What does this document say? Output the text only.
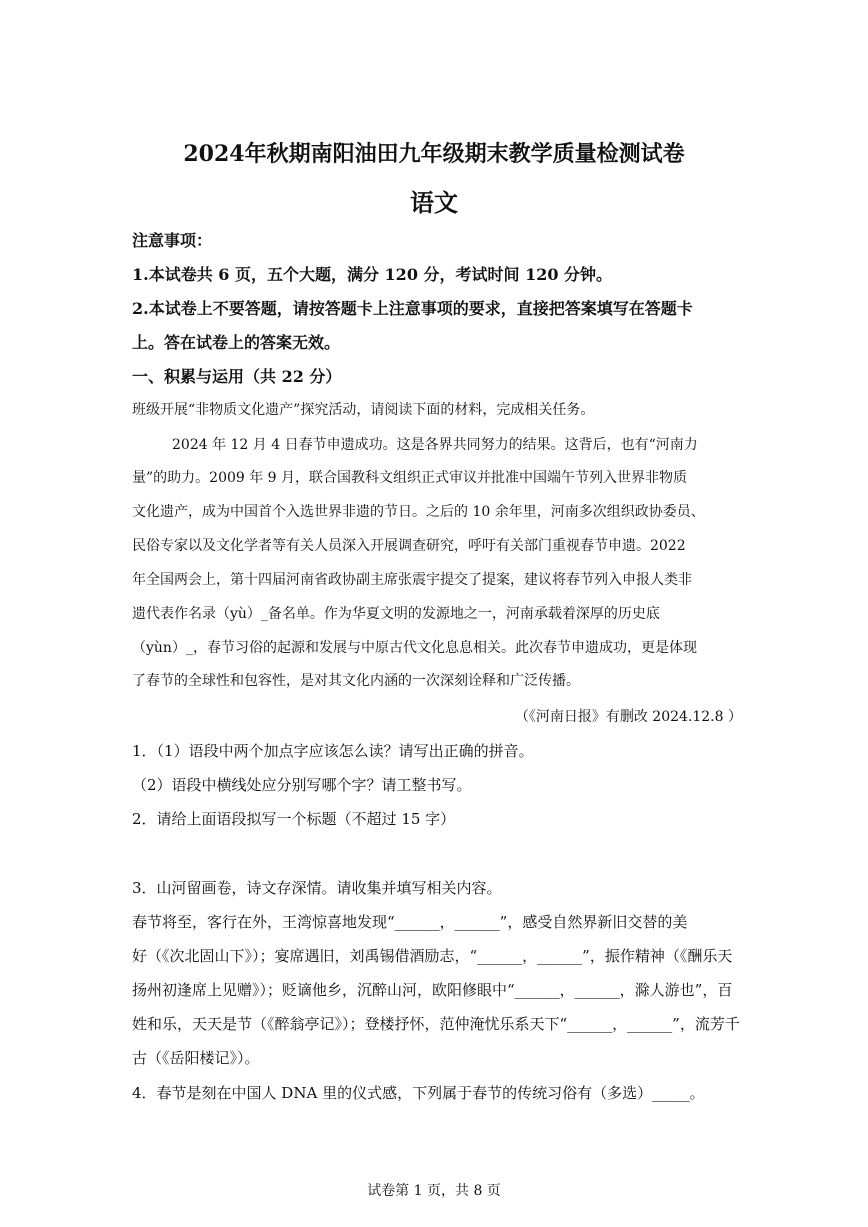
2024年秋期南阳油田九年级期末教学质量检测试卷
语文
注意事项：
1.本试卷共 6 页，五个大题，满分 120 分，考试时间 120 分钟。
2.本试卷上不要答题，请按答题卡上注意事项的要求，直接把答案填写在答题卡
上。答在试卷上的答案无效。
一、积累与运用（共 22 分）
班级开展“非物质文化遗产”探究活动，请阅读下面的材料，完成相关任务。
2024 年 12 月 4 日春节申遗成功。这是各界共同努力的结果。这背后，也有“河南力
量”的助力。2009 年 9 月，联合国教科文组织正式审议并批准中国端午节列入世界非物质
文化遗产，成为中国首个入选世界非遗的节日。之后的 10 余年里，河南多次组织政协委员、
民俗专家以及文化学者等有关人员深入开展调查研究，呼吁有关部门重视春节申遗。2022
年全国两会上，第十四届河南省政协副主席张震宇提交了提案，建议将春节列入申报人类非
遗代表作名录（yù）_备名单。作为华夏文明的发源地之一，河南承载着深厚的历史底
（yùn）_，春节习俗的起源和发展与中原古代文化息息相关。此次春节申遗成功，更是体现
了春节的全球性和包容性，是对其文化内涵的一次深刻诠释和广泛传播。
（《河南日报》有删改 2024.12.8 ）
1．（1）语段中两个加点字应该怎么读？请写出正确的拼音。
（2）语段中横线处应分别写哪个字？请工整书写。
2．请给上面语段拟写一个标题（不超过 15 字）
3．山河留画卷，诗文存深情。请收集并填写相关内容。
春节将至，客行在外，王湾惊喜地发现“______，______”，感受自然界新旧交替的美
好（《次北固山下》）；宴席遇旧，刘禹锡借酒励志，“______，______”，振作精神（《酬乐天
扬州初逢席上见赠》）；贬谪他乡，沉醉山河，欧阳修眼中“______，______，滁人游也”，百
姓和乐，天天是节（《醉翁亭记》）；登楼抒怀，范仲淹忧乐系天下“______，______”，流芳千
古（《岳阳楼记》）。
4．春节是刻在中国人 DNA 里的仪式感，下列属于春节的传统习俗有（多选）_____。
试卷第 1 页，共 8 页
